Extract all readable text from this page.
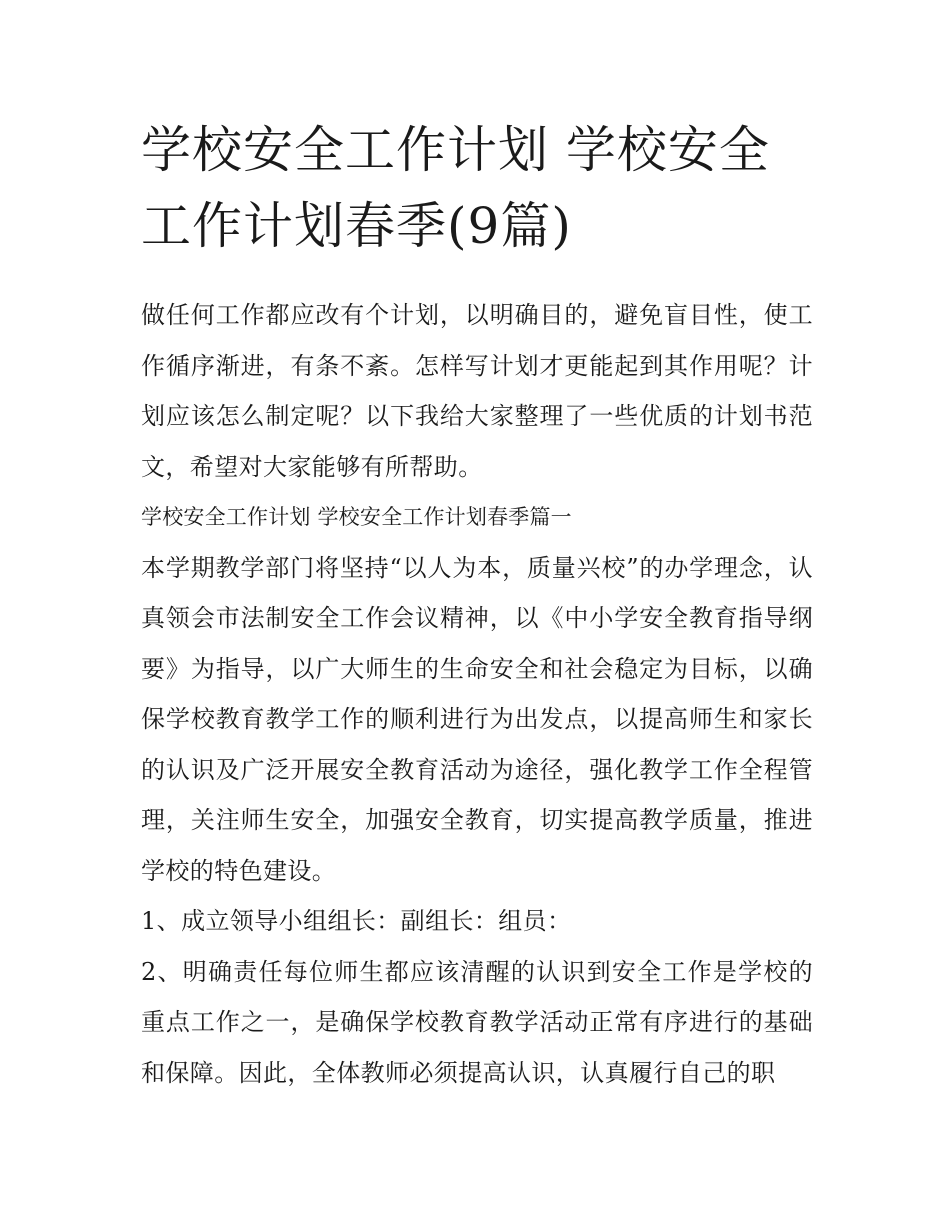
学校安全工作计划 学校安全工作计划春季(9篇)

做任何工作都应改有个计划，以明确目的，避免盲目性，使工作循序渐进，有条不紊。怎样写计划才更能起到其作用呢？计划应该怎么制定呢？以下我给大家整理了一些优质的计划书范文，希望对大家能够有所帮助。

学校安全工作计划 学校安全工作计划春季篇一

本学期教学部门将坚持“以人为本，质量兴校”的办学理念，认真领会市法制安全工作会议精神，以《中小学安全教育指导纲要》为指导，以广大师生的生命安全和社会稳定为目标，以确保学校教育教学工作的顺利进行为出发点，以提高师生和家长的认识及广泛开展安全教育活动为途径，强化教学工作全程管理，关注师生安全，加强安全教育，切实提高教学质量，推进学校的特色建设。

1、成立领导小组组长：副组长：组员：

2、明确责任每位师生都应该清醒的认识到安全工作是学校的重点工作之一，是确保学校教育教学活动正常有序进行的基础和保障。因此，全体教师必须提高认识，认真履行自己的职
